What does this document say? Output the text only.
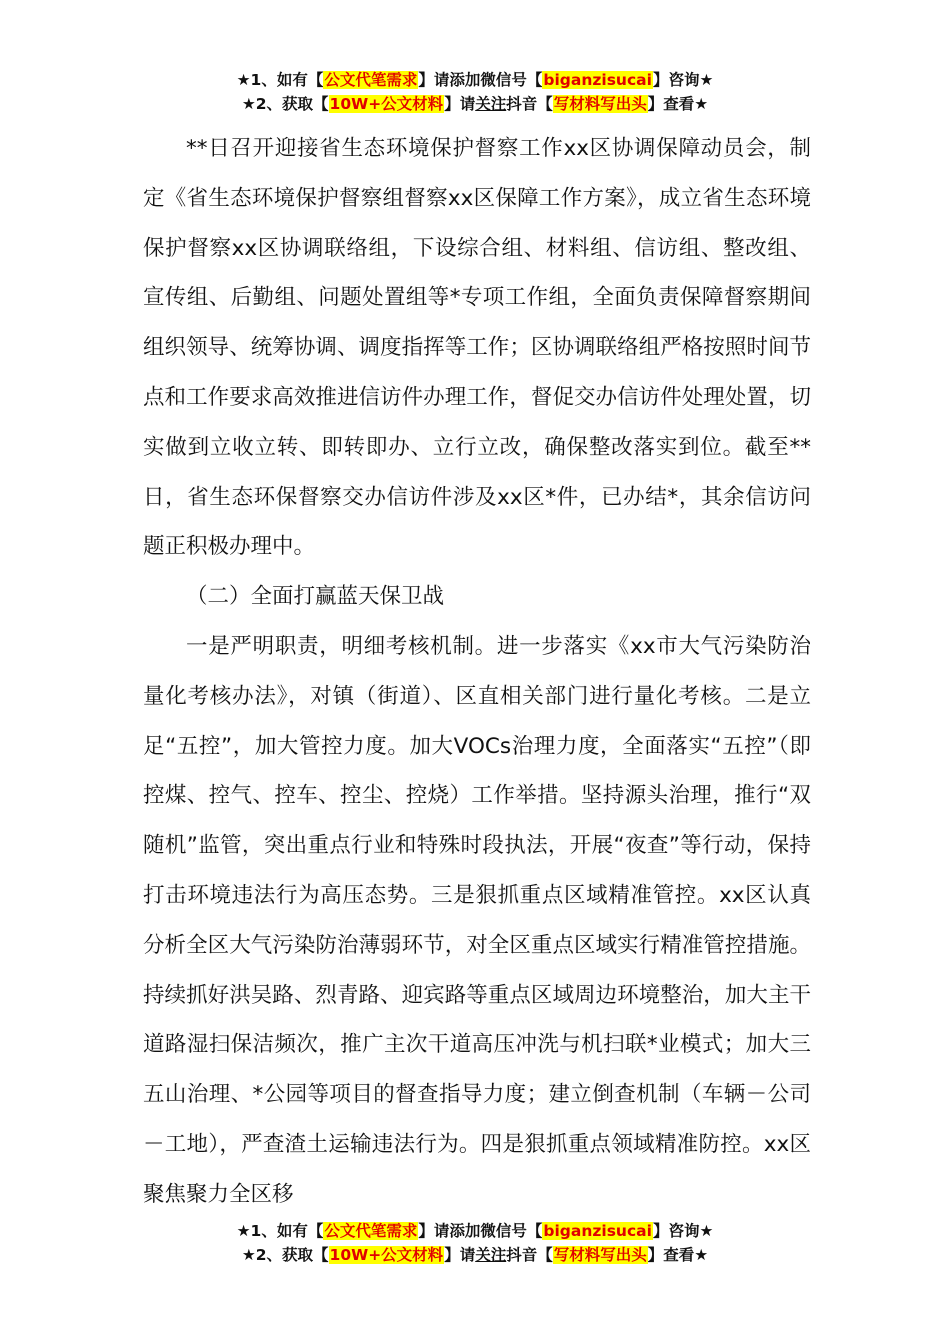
★1、如有【公文代笔需求】请添加微信号【biganzisucai】咨询★
★2、获取【10W+公文材料】请关注抖音【写材料写出头】查看★

**日召开迎接省生态环境保护督察工作xx区协调保障动员会，制定《省生态环境保护督察组督察xx区保障工作方案》，成立省生态环境保护督察xx区协调联络组，下设综合组、材料组、信访组、整改组、宣传组、后勤组、问题处置组等*专项工作组，全面负责保障督察期间组织领导、统筹协调、调度指挥等工作；区协调联络组严格按照时间节点和工作要求高效推进信访件办理工作，督促交办信访件处理处置，切实做到立收立转、即转即办、立行立改，确保整改落实到位。截至**日，省生态环保督察交办信访件涉及xx区*件，已办结*，其余信访问题正积极办理中。

（二）全面打赢蓝天保卫战

一是严明职责，明细考核机制。进一步落实《xx市大气污染防治量化考核办法》，对镇（街道）、区直相关部门进行量化考核。二是立足“五控”，加大管控力度。加大VOCs治理力度，全面落实“五控”（即控煤、控气、控车、控尘、控烧）工作举措。坚持源头治理，推行“双随机”监管，突出重点行业和特殊时段执法，开展“夜查”等行动，保持打击环境违法行为高压态势。三是狠抓重点区域精准管控。xx区认真分析全区大气污染防治薄弱环节，对全区重点区域实行精准管控措施。持续抓好洪吴路、烈青路、迎宾路等重点区域周边环境整治，加大主干道路湿扫保洁频次，推广主次干道高压冲洗与机扫联*业模式；加大三五山治理、*公园等项目的督查指导力度；建立倒查机制（车辆－公司－工地），严查渣土运输违法行为。四是狠抓重点领域精准防控。xx区聚焦聚力全区移

★1、如有【公文代笔需求】请添加微信号【biganzisucai】咨询★
★2、获取【10W+公文材料】请关注抖音【写材料写出头】查看★
